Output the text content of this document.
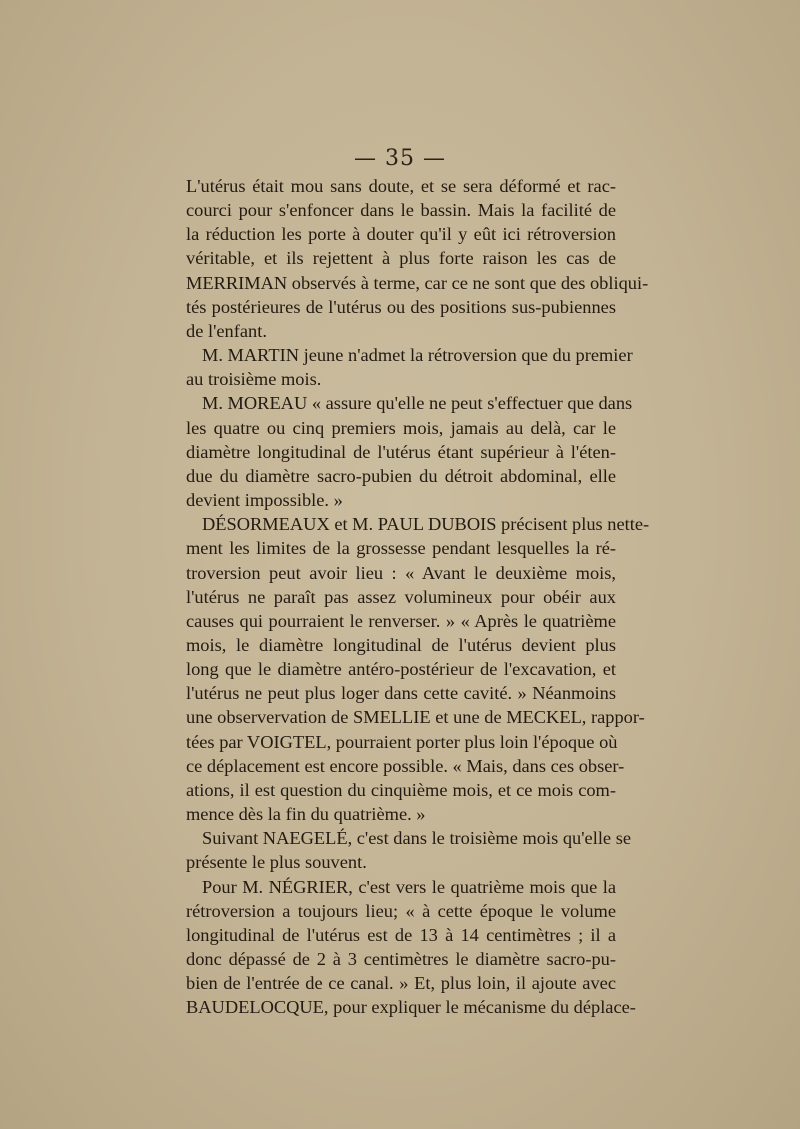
— 35 —
L'utérus était mou sans doute, et se sera déformé et rac-
courci pour s'enfoncer dans le bassin. Mais la facilité de
la réduction les porte à douter qu'il y eût ici rétroversion
véritable, et ils rejettent à plus forte raison les cas de
MERRIMAN observés à terme, car ce ne sont que des obliqui-
tés postérieures de l'utérus ou des positions sus-pubiennes
de l'enfant.
M. MARTIN jeune n'admet la rétroversion que du premier
au troisième mois.
M. MOREAU « assure qu'elle ne peut s'effectuer que dans
les quatre ou cinq premiers mois, jamais au delà, car le
diamètre longitudinal de l'utérus étant supérieur à l'éten-
due du diamètre sacro-pubien du détroit abdominal, elle
devient impossible. »
DÉSORMEAUX et M. PAUL DUBOIS précisent plus nette-
ment les limites de la grossesse pendant lesquelles la ré-
troversion peut avoir lieu : « Avant le deuxième mois,
l'utérus ne paraît pas assez volumineux pour obéir aux
causes qui pourraient le renverser. » « Après le quatrième
mois, le diamètre longitudinal de l'utérus devient plus
long que le diamètre antéro-postérieur de l'excavation, et
l'utérus ne peut plus loger dans cette cavité. » Néanmoins
une observervation de SMELLIE et une de MECKEL, rappor-
tées par VOIGTEL, pourraient porter plus loin l'époque où
ce déplacement est encore possible. « Mais, dans ces obser-
ations, il est question du cinquième mois, et ce mois com-
mence dès la fin du quatrième. »
Suivant NAEGELÉ, c'est dans le troisième mois qu'elle se
présente le plus souvent.
Pour M. NÉGRIER, c'est vers le quatrième mois que la
rétroversion a toujours lieu; « à cette époque le volume
longitudinal de l'utérus est de 13 à 14 centimètres ; il a
donc dépassé de 2 à 3 centimètres le diamètre sacro-pu-
bien de l'entrée de ce canal. » Et, plus loin, il ajoute avec
BAUDELOCQUE, pour expliquer le mécanisme du déplace-
